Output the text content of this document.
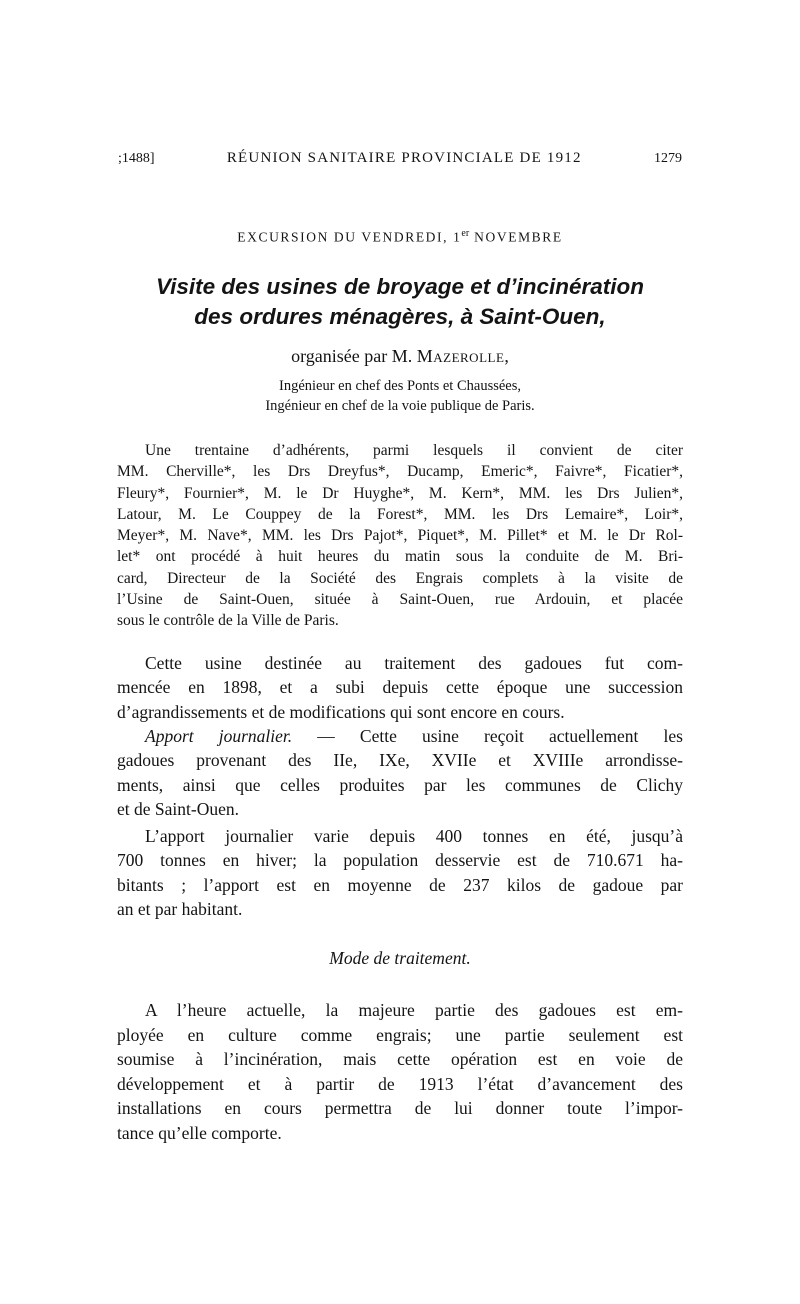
;1488]	RÉUNION SANITAIRE PROVINCIALE DE 1912	1279
EXCURSION DU VENDREDI, 1er NOVEMBRE
Visite des usines de broyage et d’incinération
des ordures ménagères, à Saint-Ouen,
organisée par M. Mazerolle,
Ingénieur en chef des Ponts et Chaussées,
Ingénieur en chef de la voie publique de Paris.
Une trentaine d’adhérents, parmi lesquels il convient de citer
MM. Cherville*, les Drs Dreyfus*, Ducamp, Emeric*, Faivre*, Ficatier*,
Fleury*, Fournier*, M. le Dr Huyghe*, M. Kern*, MM. les Drs Julien*,
Latour, M. Le Couppey de la Forest*, MM. les Drs Lemaire*, Loir*,
Meyer*, M. Nave*, MM. les Drs Pajot*, Piquet*, M. Pillet* et M. le Dr Rol-
let* ont procédé à huit heures du matin sous la conduite de M. Bri-
card, Directeur de la Société des Engrais complets à la visite de
l’Usine de Saint-Ouen, située à Saint-Ouen, rue Ardouin, et placée
sous le contrôle de la Ville de Paris.
Cette usine destinée au traitement des gadoues fut com-
mencée en 1898, et a subi depuis cette époque une succession
d’agrandissements et de modifications qui sont encore en cours.
Apport journalier. — Cette usine reçoit actuellement les
gadoues provenant des IIe, IXe, XVIIe et XVIIIe arrondisse-
ments, ainsi que celles produites par les communes de Clichy
et de Saint-Ouen.
L’apport journalier varie depuis 400 tonnes en été, jusqu’à
700 tonnes en hiver; la population desservie est de 710.671 ha-
bitants ; l’apport est en moyenne de 237 kilos de gadoue par
an et par habitant.
Mode de traitement.
A l’heure actuelle, la majeure partie des gadoues est em-
ployée en culture comme engrais; une partie seulement est
soumise à l’incinération, mais cette opération est en voie de
développement et à partir de 1913 l’état d’avancement des
installations en cours permettra de lui donner toute l’impor-
tance qu’elle comporte.
